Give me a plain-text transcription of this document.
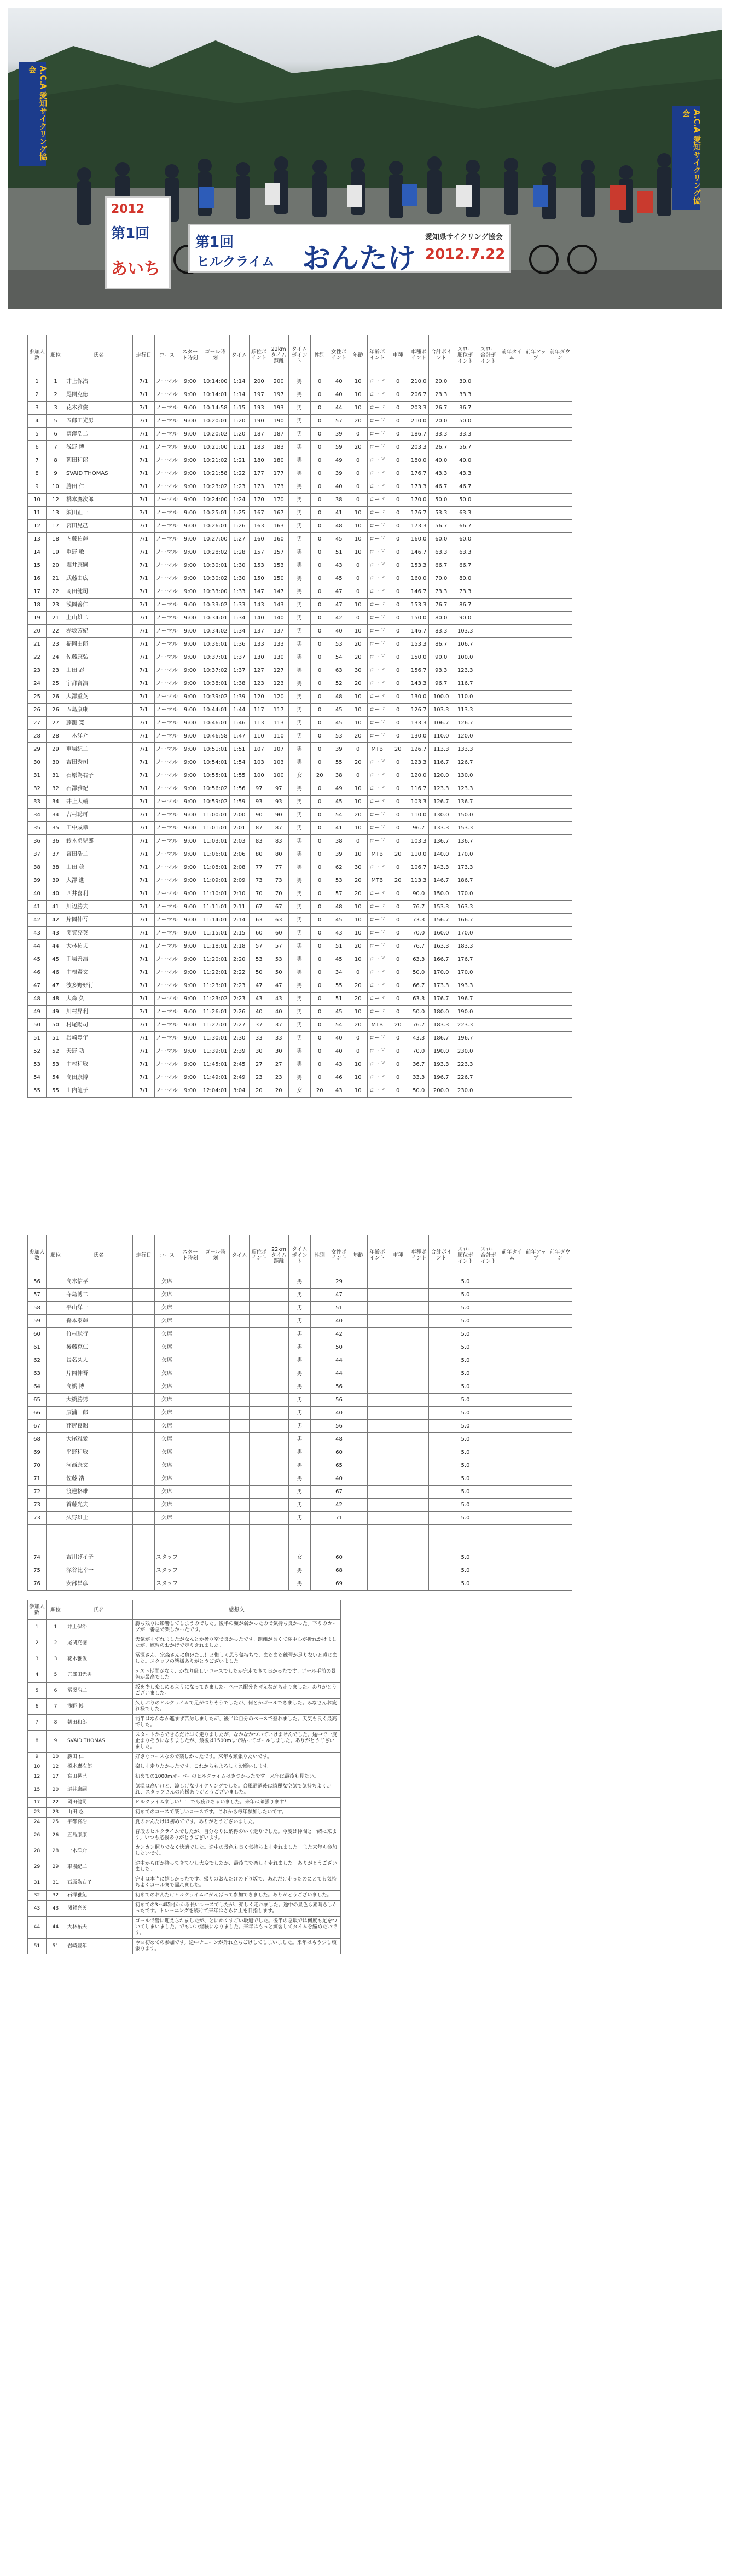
A.C.A 愛知サイクリング協会
A.C.A 愛知サイクリング協会
2012
第1回
あいち
第1回
ヒルクライム おんたけ
愛知県サイクリング協会
2012.7.22
参加人数	順位	氏名	走行日	コース	スタート時刻	ゴール時刻	タイム	順位ポイント	22kmタイム距離	タイムポイント	性別	女性ポイント	年齢	年齢ポイント	車種	車種ポイント	合計ポイント	スロー順位ポイント	スロー合計ポイント	前年タイム	前年アップ	前年ダウン
1	1	井上保治	7/1	ノーマル	9:00	10:14:00	1:14	200	200	男	0	40	10	ロード	0	210.0	20.0	30.0				
2	2	尾関克徳	7/1	ノーマル	9:00	10:14:01	1:14	197	197	男	0	40	10	ロード	0	206.7	23.3	33.3				
3	3	花木雅俊	7/1	ノーマル	9:00	10:14:58	1:15	193	193	男	0	44	10	ロード	0	203.3	26.7	36.7				
4	5	五郎田光男	7/1	ノーマル	9:00	10:20:01	1:20	190	190	男	0	57	20	ロード	0	210.0	20.0	50.0				
5	6	冨澤浩二	7/1	ノーマル	9:00	10:20:02	1:20	187	187	男	0	39	0	ロード	0	186.7	33.3	33.3				
6	7	浅野 博	7/1	ノーマル	9:00	10:21:00	1:21	183	183	男	0	59	20	ロード	0	203.3	26.7	56.7				
7	8	朝田和郎	7/1	ノーマル	9:00	10:21:02	1:21	180	180	男	0	49	0	ロード	0	180.0	40.0	40.0				
8	9	SVAID THOMAS	7/1	ノーマル	9:00	10:21:58	1:22	177	177	男	0	39	0	ロード	0	176.7	43.3	43.3				
9	10	勝田 仁	7/1	ノーマル	9:00	10:23:02	1:23	173	173	男	0	40	0	ロード	0	173.3	46.7	46.7				
10	12	橋本鷹次郎	7/1	ノーマル	9:00	10:24:00	1:24	170	170	男	0	38	0	ロード	0	170.0	50.0	50.0				
11	13	須田正一	7/1	ノーマル	9:00	10:25:01	1:25	167	167	男	0	41	10	ロード	0	176.7	53.3	63.3				
12	17	宮田晃己	7/1	ノーマル	9:00	10:26:01	1:26	163	163	男	0	48	10	ロード	0	173.3	56.7	66.7				
13	18	内藤祐輝	7/1	ノーマル	9:00	10:27:00	1:27	160	160	男	0	45	10	ロード	0	160.0	60.0	60.0				
14	19	重野 敏	7/1	ノーマル	9:00	10:28:02	1:28	157	157	男	0	51	10	ロード	0	146.7	63.3	63.3				
15	20	堀井康嗣	7/1	ノーマル	9:00	10:30:01	1:30	153	153	男	0	43	0	ロード	0	153.3	66.7	66.7				
16	21	武藤由広	7/1	ノーマル	9:00	10:30:02	1:30	150	150	男	0	45	0	ロード	0	160.0	70.0	80.0				
17	22	岡田健司	7/1	ノーマル	9:00	10:33:00	1:33	147	147	男	0	47	0	ロード	0	146.7	73.3	73.3				
18	23	浅岡善仁	7/1	ノーマル	9:00	10:33:02	1:33	143	143	男	0	47	10	ロード	0	153.3	76.7	86.7				
19	21	上山雄二	7/1	ノーマル	9:00	10:34:01	1:34	140	140	男	0	42	0	ロード	0	150.0	80.0	90.0				
20	22	赤坂芳紀	7/1	ノーマル	9:00	10:34:02	1:34	137	137	男	0	40	10	ロード	0	146.7	83.3	103.3				
21	23	福岡由郎	7/1	ノーマル	9:00	10:36:01	1:36	133	133	男	0	53	20	ロード	0	153.3	86.7	106.7				
22	24	佐藤康弘	7/1	ノーマル	9:00	10:37:01	1:37	130	130	男	0	54	20	ロード	0	150.0	90.0	100.0				
23	23	山田 忍	7/1	ノーマル	9:00	10:37:02	1:37	127	127	男	0	63	30	ロード	0	156.7	93.3	123.3				
24	25	宇都宮浩	7/1	ノーマル	9:00	10:38:01	1:38	123	123	男	0	52	20	ロード	0	143.3	96.7	116.7				
25	26	大澤重英	7/1	ノーマル	9:00	10:39:02	1:39	120	120	男	0	48	10	ロード	0	130.0	100.0	110.0				
26	26	五島康康	7/1	ノーマル	9:00	10:44:01	1:44	117	117	男	0	45	10	ロード	0	126.7	103.3	113.3				
27	27	藤籠 寛	7/1	ノーマル	9:00	10:46:01	1:46	113	113	男	0	45	10	ロード	0	133.3	106.7	126.7				
28	28	一木洋介	7/1	ノーマル	9:00	10:46:58	1:47	110	110	男	0	53	20	ロード	0	130.0	110.0	120.0				
29	29	車場紀二	7/1	ノーマル	9:00	10:51:01	1:51	107	107	男	0	39	0	MTB	20	126.7	113.3	133.3				
30	30	吉田秀司	7/1	ノーマル	9:00	10:54:01	1:54	103	103	男	0	55	20	ロード	0	123.3	116.7	126.7				
31	31	石原為右子	7/1	ノーマル	9:00	10:55:01	1:55	100	100	女	20	38	0	ロード	0	120.0	120.0	130.0				
32	32	石澤雅紀	7/1	ノーマル	9:00	10:56:02	1:56	97	97	男	0	49	10	ロード	0	116.7	123.3	123.3				
33	34	井上大輔	7/1	ノーマル	9:00	10:59:02	1:59	93	93	男	0	45	10	ロード	0	103.3	126.7	136.7				
34	34	吉村聡可	7/1	ノーマル	9:00	11:00:01	2:00	90	90	男	0	54	20	ロード	0	110.0	130.0	150.0				
35	35	田中成幸	7/1	ノーマル	9:00	11:01:01	2:01	87	87	男	0	41	10	ロード	0	96.7	133.3	153.3				
36	36	鈴木勇児郎	7/1	ノーマル	9:00	11:03:01	2:03	83	83	男	0	38	0	ロード	0	103.3	136.7	136.7				
37	37	宮田浩二	7/1	ノーマル	9:00	11:06:01	2:06	80	80	男	0	39	10	MTB	20	110.0	140.0	170.0				
38	38	山田 稔	7/1	ノーマル	9:00	11:08:01	2:08	77	77	男	0	62	30	ロード	0	106.7	143.3	173.3				
39	39	大澤 進	7/1	ノーマル	9:00	11:09:01	2:09	73	73	男	0	53	20	MTB	20	113.3	146.7	186.7				
40	40	西井喜利	7/1	ノーマル	9:00	11:10:01	2:10	70	70	男	0	57	20	ロード	0	90.0	150.0	170.0				
41	41	川辺勝夫	7/1	ノーマル	9:00	11:11:01	2:11	67	67	男	0	48	10	ロード	0	76.7	153.3	163.3				
42	42	片岡伸吾	7/1	ノーマル	9:00	11:14:01	2:14	63	63	男	0	45	10	ロード	0	73.3	156.7	166.7				
43	43	関賀亮英	7/1	ノーマル	9:00	11:15:01	2:15	60	60	男	0	43	10	ロード	0	70.0	160.0	170.0				
44	44	大林祐夫	7/1	ノーマル	9:00	11:18:01	2:18	57	57	男	0	51	20	ロード	0	76.7	163.3	183.3				
45	45	手場善浩	7/1	ノーマル	9:00	11:20:01	2:20	53	53	男	0	45	10	ロード	0	63.3	166.7	176.7				
46	46	中根賢文	7/1	ノーマル	9:00	11:22:01	2:22	50	50	男	0	34	0	ロード	0	50.0	170.0	170.0				
47	47	波多野好行	7/1	ノーマル	9:00	11:23:01	2:23	47	47	男	0	55	20	ロード	0	66.7	173.3	193.3				
48	48	大森 久	7/1	ノーマル	9:00	11:23:02	2:23	43	43	男	0	51	20	ロード	0	63.3	176.7	196.7				
49	49	川村昇利	7/1	ノーマル	9:00	11:26:01	2:26	40	40	男	0	45	10	ロード	0	50.0	180.0	190.0				
50	50	村尾陽司	7/1	ノーマル	9:00	11:27:01	2:27	37	37	男	0	54	20	MTB	20	76.7	183.3	223.3				
51	51	岩崎豊年	7/1	ノーマル	9:00	11:30:01	2:30	33	33	男	0	40	0	ロード	0	43.3	186.7	196.7				
52	52	天野 功	7/1	ノーマル	9:00	11:39:01	2:39	30	30	男	0	40	0	ロード	0	70.0	190.0	230.0				
53	53	中村和敏	7/1	ノーマル	9:00	11:45:01	2:45	27	27	男	0	43	10	ロード	0	36.7	193.3	223.3				
54	54	高田康博	7/1	ノーマル	9:00	11:49:01	2:49	23	23	男	0	46	10	ロード	0	33.3	196.7	226.7				
55	55	山内龍子	7/1	ノーマル	9:00	12:04:01	3:04	20	20	女	20	43	10	ロード	0	50.0	200.0	230.0				
参加人数	順位	氏名	走行日	コース	スタート時刻	ゴール時刻	タイム	順位ポイント	22kmタイム距離	タイムポイント	性別	女性ポイント	年齢	年齢ポイント	車種	車種ポイント	合計ポイント	スロー順位ポイント	スロー合計ポイント	前年タイム	前年アップ	前年ダウン
56		高木信孝		欠席						男		29						5.0				
57		寺島博二		欠席						男		47						5.0				
58		平山洋一		欠席						男		51						5.0				
59		森本泰輝		欠席						男		40						5.0				
60		竹村聡行		欠席						男		42						5.0				
61		後藤克仁		欠席						男		50						5.0				
62		長名久人		欠席						男		44						5.0				
63		片岡伸吾		欠席						男		44						5.0				
64		高橋 博		欠席						男		56						5.0				
65		大橋勝男		欠席						男		56						5.0				
66		原浦一郎		欠席						男		40						5.0				
67		荏尻良昭		欠席						男		56						5.0				
68		大尾雅愛		欠席						男		48						5.0				
69		平野和敏		欠席						男		60						5.0				
70		河西康文		欠席						男		65						5.0				
71		佐藤 浩		欠席						男		40						5.0				
72		渡邊格雄		欠席						男		67						5.0				
73		首藤光夫		欠席						男		42						5.0				
73		久野雄士		欠席						男		71						5.0				

74		吉川げイ子		スタッフ						女		60						5.0				
75		深谷比幸一		スタッフ						男		68						5.0				
76		安部昌彦		スタッフ						男		69						5.0				
参加人数	順位	氏名	感想文
1	1	井上保治	勝ち残りに影響してしまうのでした。後半の顔が弱かったので気持ち良かった。下りのカーブが一番急で楽しかったです。
2	2	尾関克徳	天気がくずれましたがなんとか曇り空で良かったです。距離が長くて途中心が折れかけましたが、練習のおかげで走りきれました。
3	3	花木雅俊	冨澤さん、宗森さんに負けた…！と悔しく思う気持ちで、まだまだ練習が足りないと感じました。スタッフの皆様ありがとうございました。
4	5	五郎田光男	テスト期間がなく、かなり厳しいコースでしたが完走できて良かったです。ゴール手前の景色が最高でした。
5	6	冨澤浩二	坂を少し楽しめるようになってきました。ペース配分を考えながら走りました。ありがとうございました。
6	7	浅野 博	久しぶりのヒルクライムで足がつりそうでしたが、何とかゴールできました。みなさんお疲れ様でした。
7	8	朝田和郎	前半はなかなか進まず苦労しましたが、後半は自分のペースで登れました。天気も良く最高でした。
8	9	SVAID THOMAS	スタートからできるだけ早く走りましたが、なかなかついていけませんでした。途中で一度止まりそうになりましたが、最後は1500mまで粘ってゴールしました。ありがとうございました。
9	10	勝田 仁	好きなコースなので楽しかったです。来年も頑張りたいです。
10	12	橋本鷹次郎	楽しく走りたかったです。これからもよろしくお願いします。
12	17	宮田晃己	初めての1000mオーバーのヒルクライムはきつかったです。来年は最後も見たい。
15	20	堀井康嗣	気温は高いけど、涼しげなサイクリングでした。台風通過後は綺麗な空気で気持ちよく走れ、スタッフさんの応援ありがとうございました。
17	22	岡田健司	ヒルクライム楽しい！！ でも疲れちゃいました。来年は頑張ります！
23	23	山田 忍	初めてのコースで楽しいコースです。これから毎年参加したいです。
24	25	宇都宮浩	夏のおんたけは初めてです。ありがとうございました。
26	26	五島康康	普段のヒルクライムでしたが、自分なりに納得のいく走りでした。今度は仲間と一緒に来ます。いつも応援ありがとうございます。
28	28	一木洋介	カンカン照りでなく快適でした。途中の景色も良く気持ちよく走れました。また来年も参加したいです。
29	29	車場紀二	途中から雨が降ってきて少し大変でしたが、最後まで楽しく走れました。ありがとうございました。
31	31	石原為右子	完走は本当に嬉しかったです。帰りのおんたけの下り坂で、あれだけ走ったのにとても気持ちよくゴールまで帰れました。
32	32	石澤雅紀	初めてのおんたけヒルクライムにがんばって参加できました。ありがとうございました。
43	43	関賀亮英	初めての3~4時間かかる長いレースでしたが、楽しく走れました。途中の景色も素晴らしかったです。トレーニングを続けて来年はさらに上を目指します。
44	44	大林祐夫	ゴールで皆に迎えられましたが、とにかくすごい坂道でした。後半の急坂では何度も足をついてしまいました。でもいい経験になりました。来年はもっと練習してタイムを縮めたいです。
51	51	岩崎豊年	今回初めての参加です。途中チェーンが外れ立ちごけしてしまいました。来年はもう少し頑張ります。
